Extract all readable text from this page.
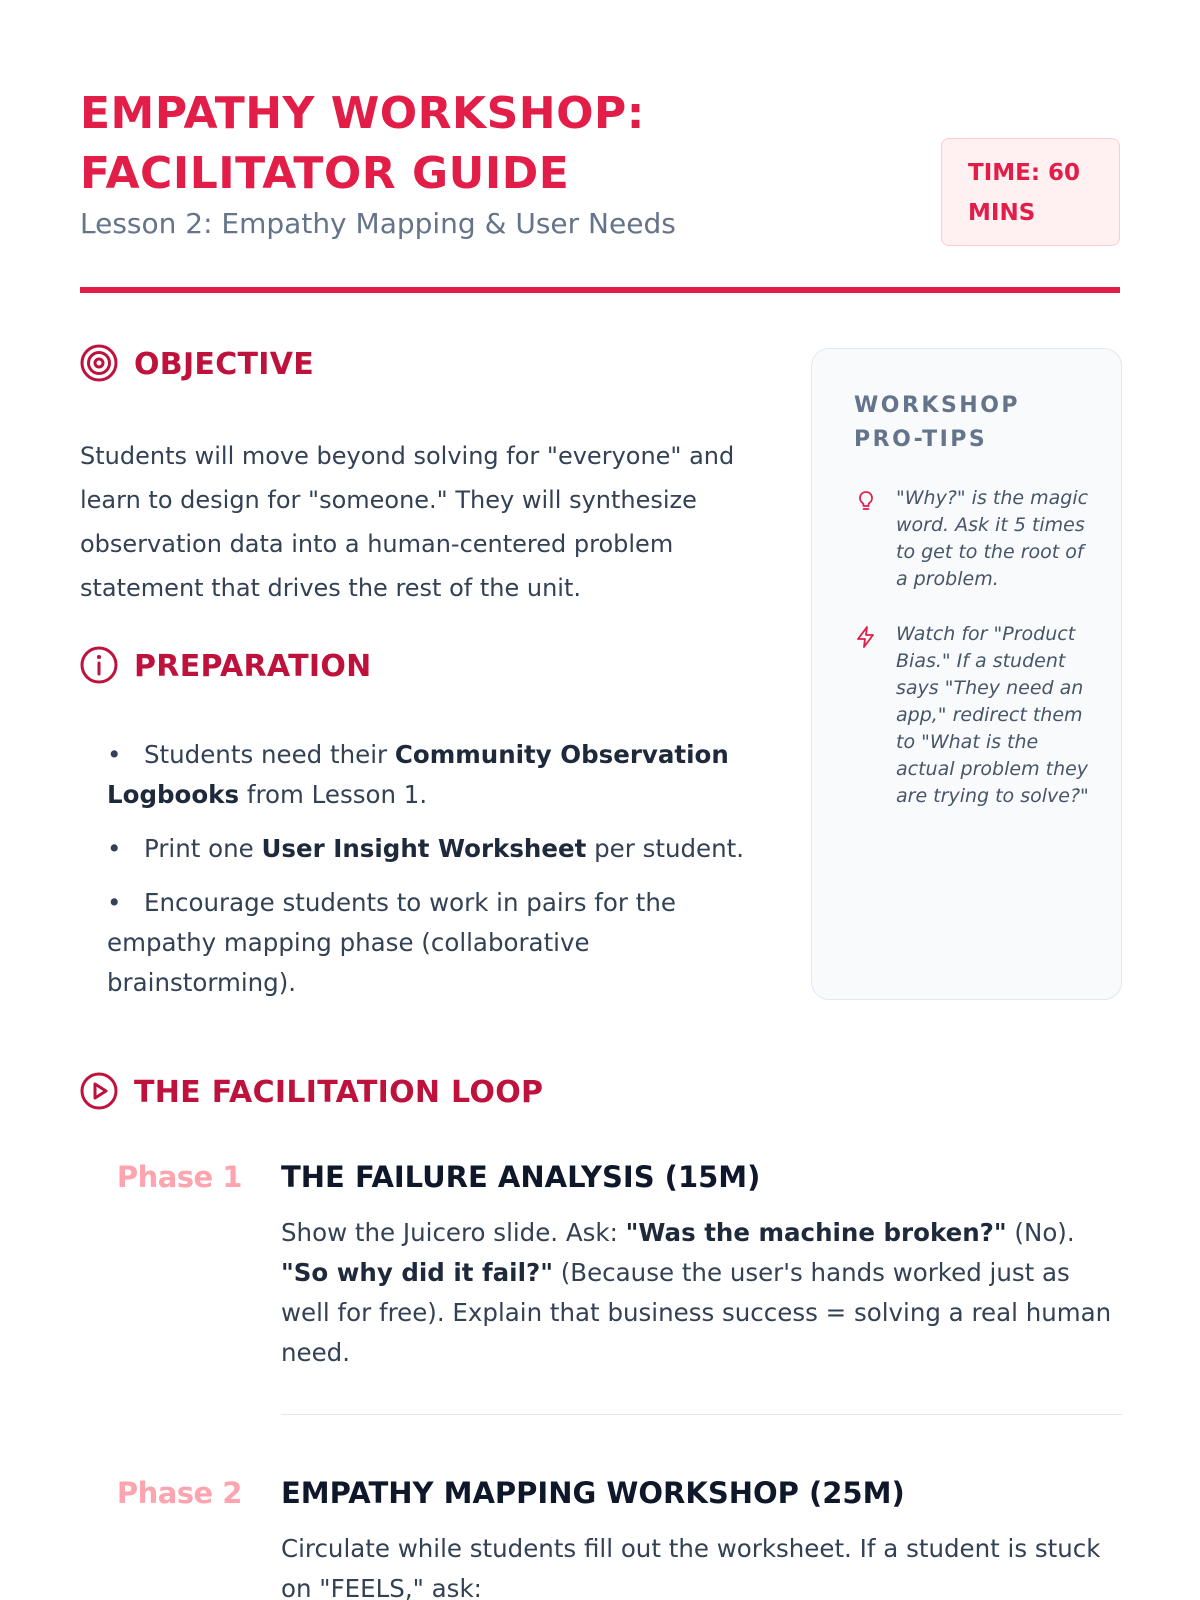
EMPATHY WORKSHOP:
FACILITATOR GUIDE
Lesson 2: Empathy Mapping & User Needs
TIME: 60
MINS
OBJECTIVE

Students will move beyond solving for "everyone" and learn to design for "someone." They will synthesize observation data into a human-centered problem statement that drives the rest of the unit.

PREPARATION
• Students need their Community Observation Logbooks from Lesson 1.
• Print one User Insight Worksheet per student.
• Encourage students to work in pairs for the empathy mapping phase (collaborative brainstorming).
WORKSHOP PRO-TIPS

"Why?" is the magic word. Ask it 5 times to get to the root of a problem.

Watch for "Product Bias." If a student says "They need an app," redirect them to "What is the actual problem they are trying to solve?"

THE FACILITATION LOOP
Phase 1 THE FAILURE ANALYSIS (15M)

Show the Juicero slide. Ask: "Was the machine broken?" (No). "So why did it fail?" (Because the user's hands worked just as well for free). Explain that business success = solving a real human need.

Phase 2 EMPATHY MAPPING WORKSHOP (25M)

Circulate while students fill out the worksheet. If a student is stuck on "FEELS," ask:
